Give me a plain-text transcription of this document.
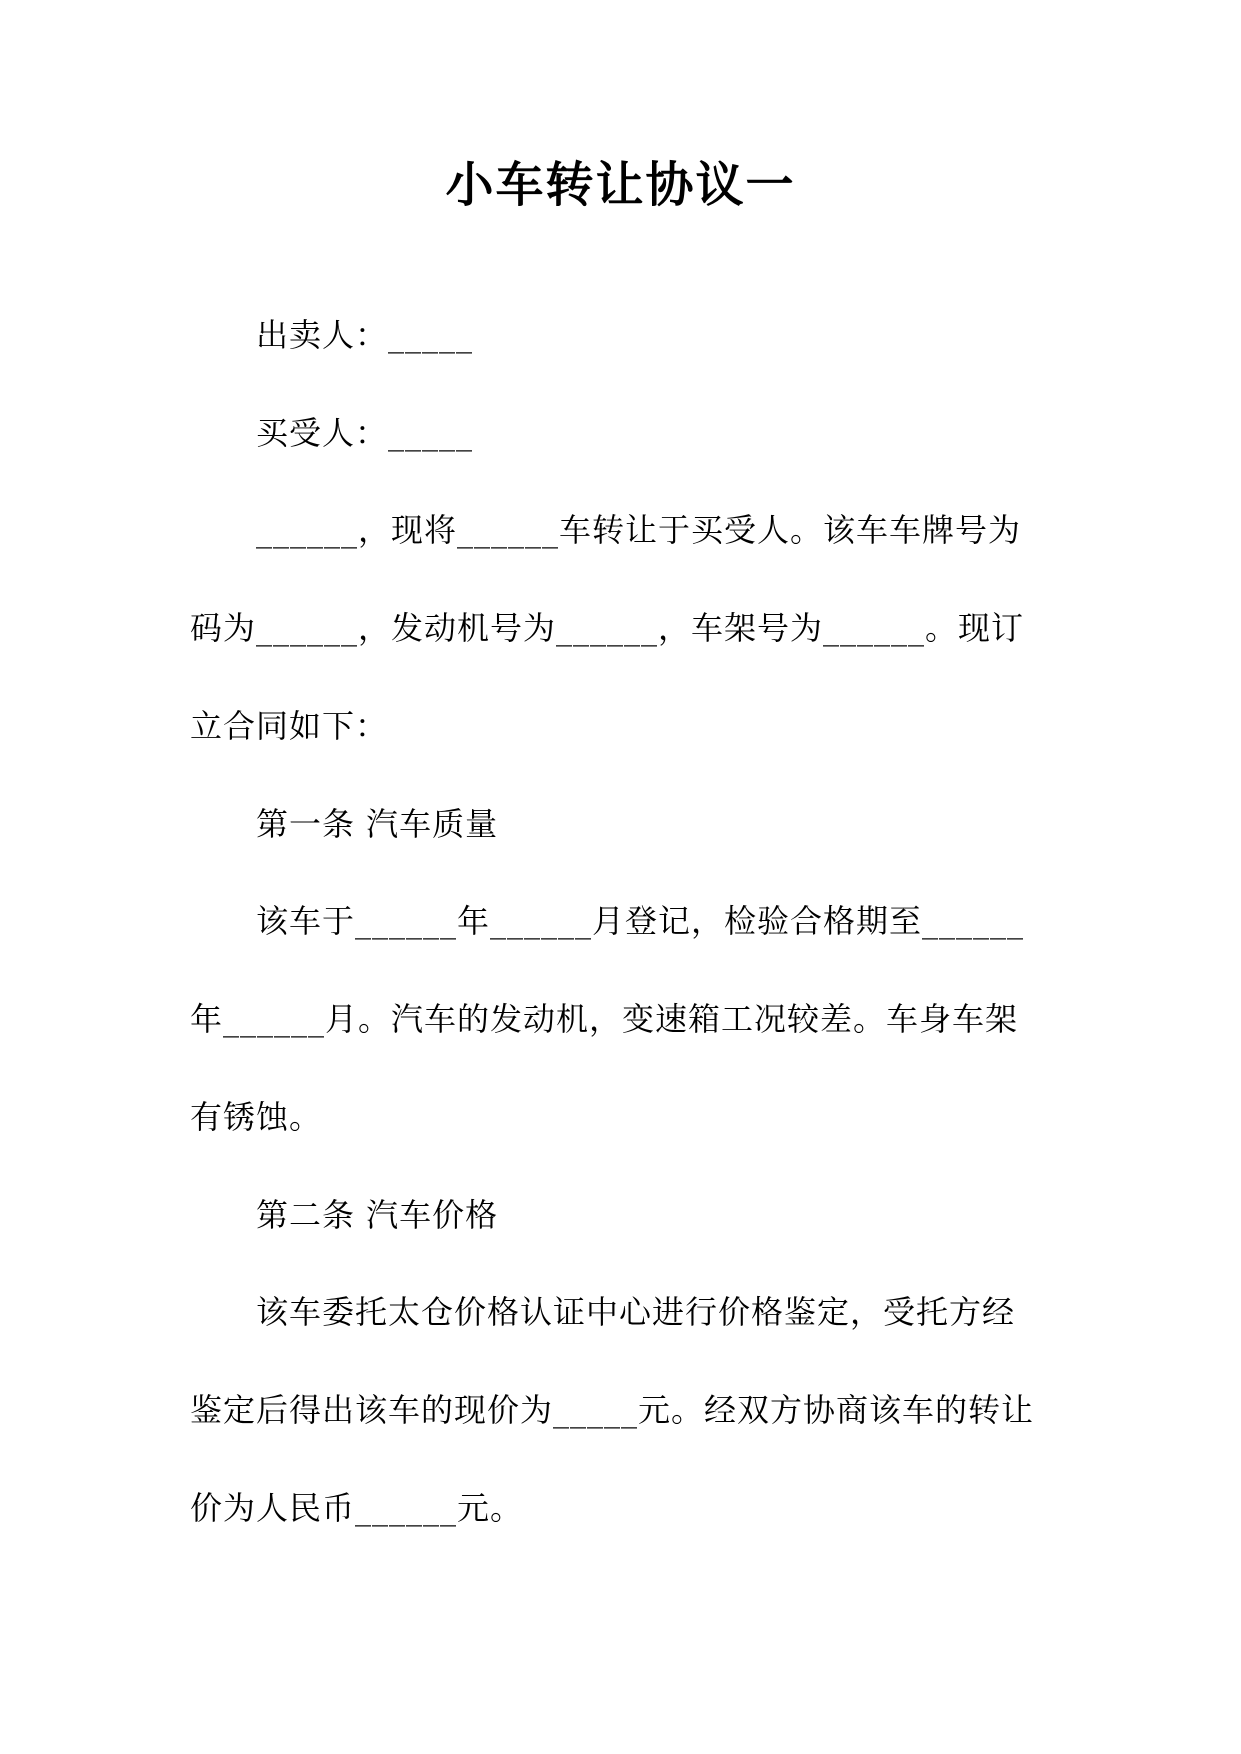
小车转让协议一

出卖人：_____

买受人：_____

______，现将______车转让于买受人。该车车牌号为

码为______，发动机号为______，车架号为______。现订

立合同如下：

第一条 汽车质量

该车于______年______月登记，检验合格期至______

年______月。汽车的发动机，变速箱工况较差。车身车架

有锈蚀。

第二条 汽车价格

该车委托太仓价格认证中心进行价格鉴定，受托方经

鉴定后得出该车的现价为_____元。经双方协商该车的转让

价为人民币______元。
